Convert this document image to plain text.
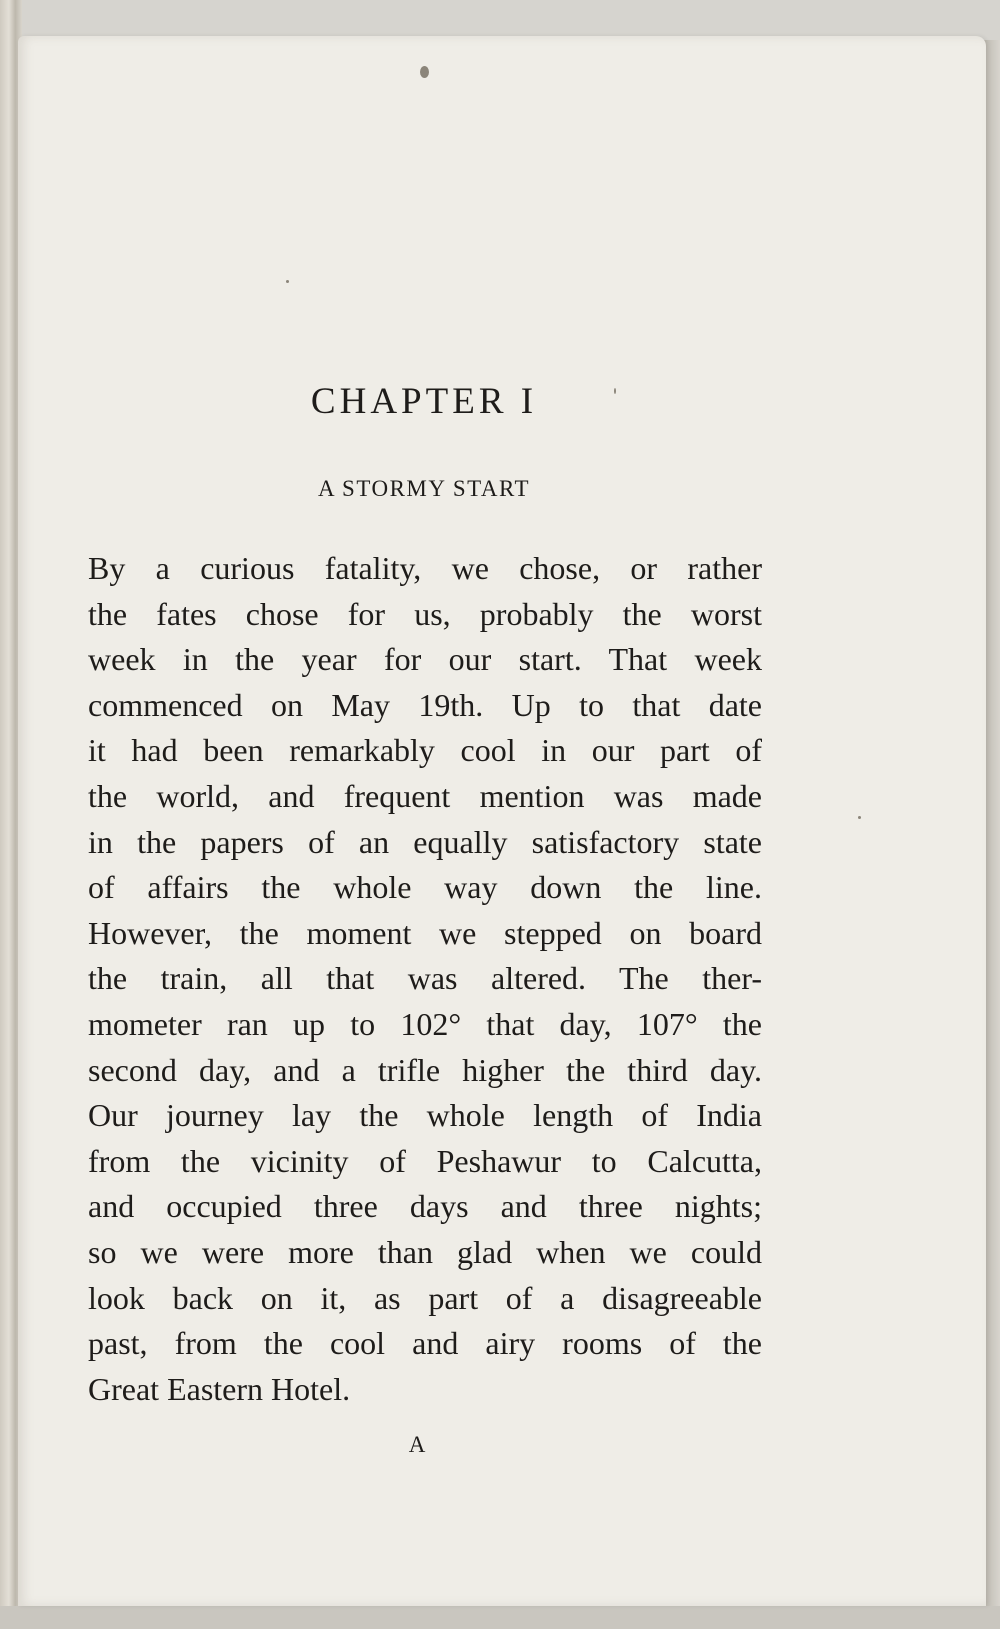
CHAPTER I
A STORMY START
By a curious fatality, we chose, or rather
the fates chose for us, probably the worst
week in the year for our start. That week
commenced on May 19th. Up to that date
it had been remarkably cool in our part of
the world, and frequent mention was made
in the papers of an equally satisfactory state
of affairs the whole way down the line.
However, the moment we stepped on board
the train, all that was altered. The ther-
mometer ran up to 102° that day, 107° the
second day, and a trifle higher the third day.
Our journey lay the whole length of India
from the vicinity of Peshawur to Calcutta,
and occupied three days and three nights;
so we were more than glad when we could
look back on it, as part of a disagreeable
past, from the cool and airy rooms of the
Great Eastern Hotel.
A
